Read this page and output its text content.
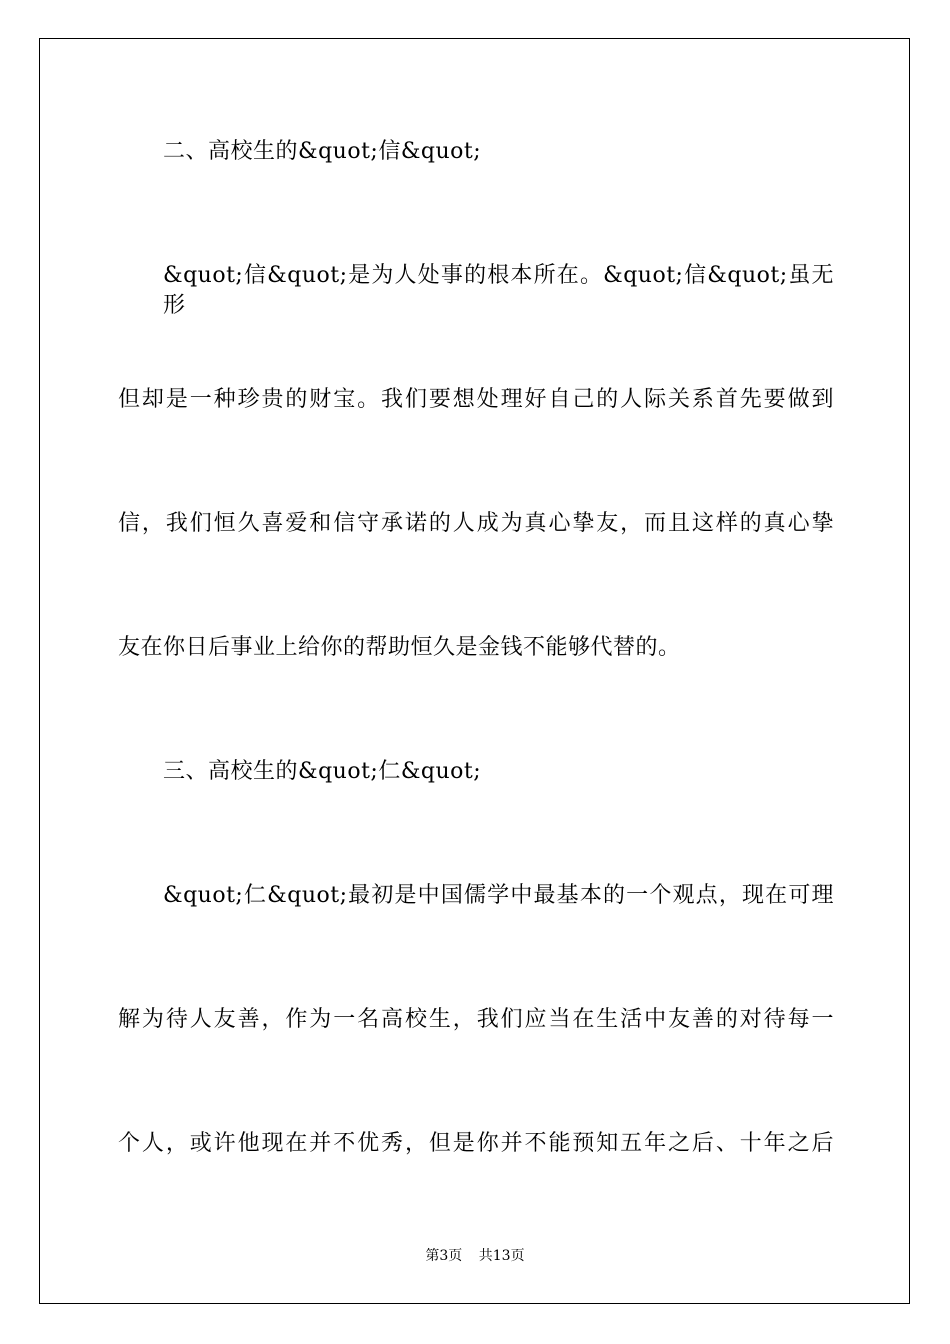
二、高校生的&quot;信&quot;
&quot;信&quot;是为人处事的根本所在。&quot;信&quot;虽无形
但却是一种珍贵的财宝。我们要想处理好自己的人际关系首先要做到
信，我们恒久喜爱和信守承诺的人成为真心挚友，而且这样的真心挚
友在你日后事业上给你的帮助恒久是金钱不能够代替的。
三、高校生的&quot;仁&quot;
&quot;仁&quot;最初是中国儒学中最基本的一个观点，现在可理
解为待人友善，作为一名高校生，我们应当在生活中友善的对待每一
个人，或许他现在并不优秀，但是你并不能预知五年之后、十年之后
第3页 共13页
